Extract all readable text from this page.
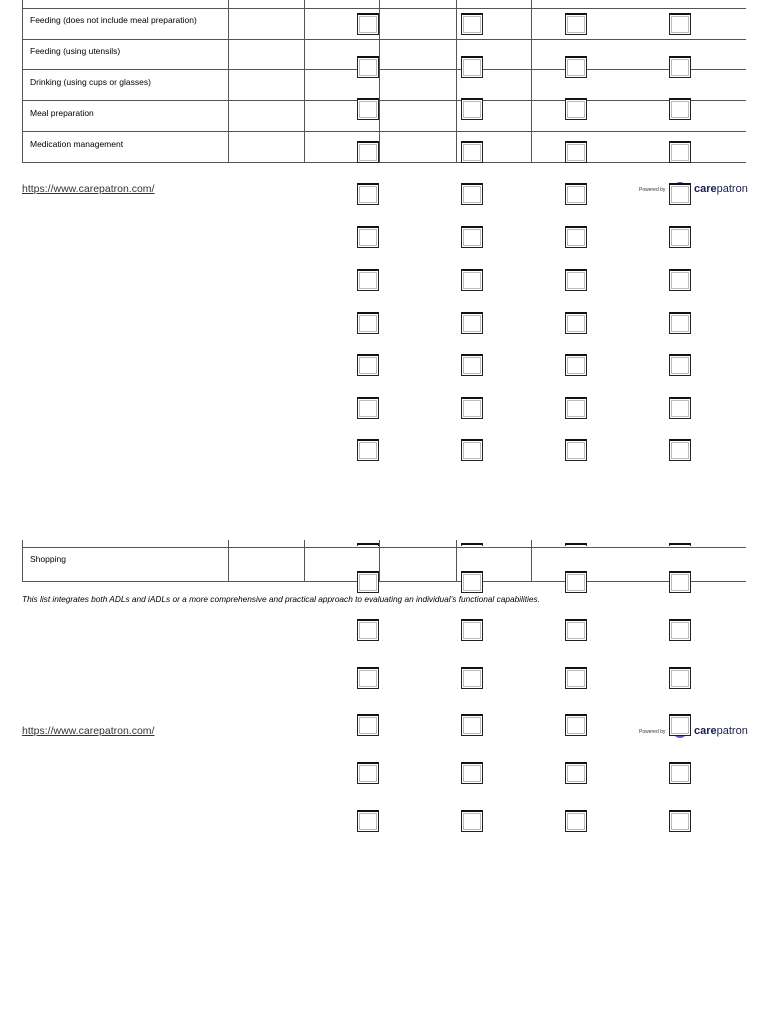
Feeding (does not include meal preparation)
Feeding (using utensils)
Drinking (using cups or glasses)
Meal preparation
Medication management
https://www.carepatron.com/	Powered by	carepatron
Shopping
This list integrates both ADLs and iADLs or a more comprehensive and practical approach to evaluating an individual’s functional capabilities.
https://www.carepatron.com/	Powered by	carepatron
